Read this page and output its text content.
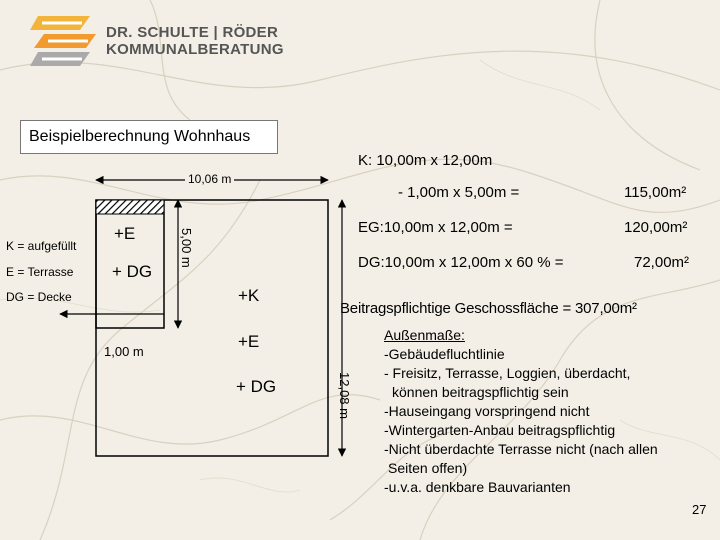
DR. SCHULTE | RÖDER
KOMMUNALBERATUNG
Beispielberechnung Wohnhaus
10,06 m
12,08 m
5,00 m
1,00 m
+E
+ DG
+K
+E
+ DG
K = aufgefüllt
E = Terrasse
DG = Decke
K: 10,00m x 12,00m
- 1,00m x 5,00m =	115,00m²
EG:10,00m x 12,00m =	120,00m²
DG:10,00m x 12,00m x 60 % =	72,00m²
Beitragspflichtige Geschossfläche = 307,00m²
Außenmaße:
-Gebäudefluchtlinie
- Freisitz, Terrasse, Loggien, überdacht,
können beitragspflichtig sein
-Hauseingang vorspringend nicht
-Wintergarten-Anbau beitragspflichtig
-Nicht überdachte Terrasse nicht (nach allen
Seiten offen)
-u.v.a. denkbare Bauvarianten
27
